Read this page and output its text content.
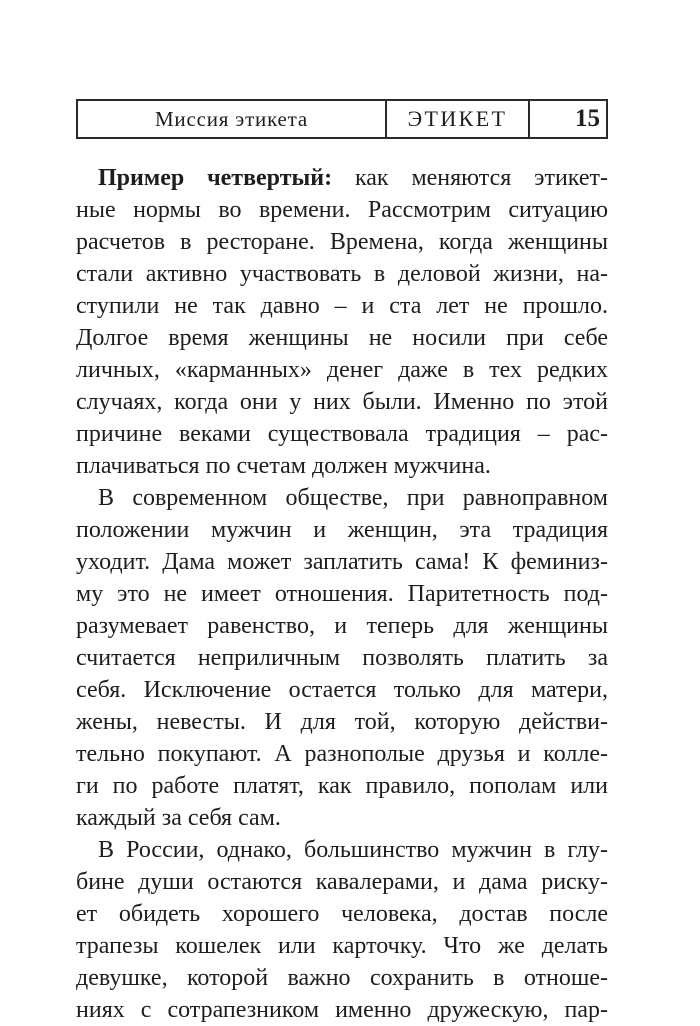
Миссия этикета	ЭТИКЕТ	15
Пример четвертый: как меняются этикет-
ные нормы во времени. Рассмотрим ситуацию
расчетов в ресторане. Времена, когда женщины
стали активно участвовать в деловой жизни, на-
ступили не так давно – и ста лет не прошло.
Долгое время женщины не носили при себе
личных, «карманных» денег даже в тех редких
случаях, когда они у них были. Именно по этой
причине веками существовала традиция – рас-
плачиваться по счетам должен мужчина.
В современном обществе, при равноправном
положении мужчин и женщин, эта традиция
уходит. Дама может заплатить сама! К феминиз-
му это не имеет отношения. Паритетность под-
разумевает равенство, и теперь для женщины
считается неприличным позволять платить за
себя. Исключение остается только для матери,
жены, невесты. И для той, которую действи-
тельно покупают. А разнополые друзья и колле-
ги по работе платят, как правило, пополам или
каждый за себя сам.
В России, однако, большинство мужчин в глу-
бине души остаются кавалерами, и дама риску-
ет обидеть хорошего человека, достав после
трапезы кошелек или карточку. Что же делать
девушке, которой важно сохранить в отноше-
ниях с сотрапезником именно дружескую, пар-
